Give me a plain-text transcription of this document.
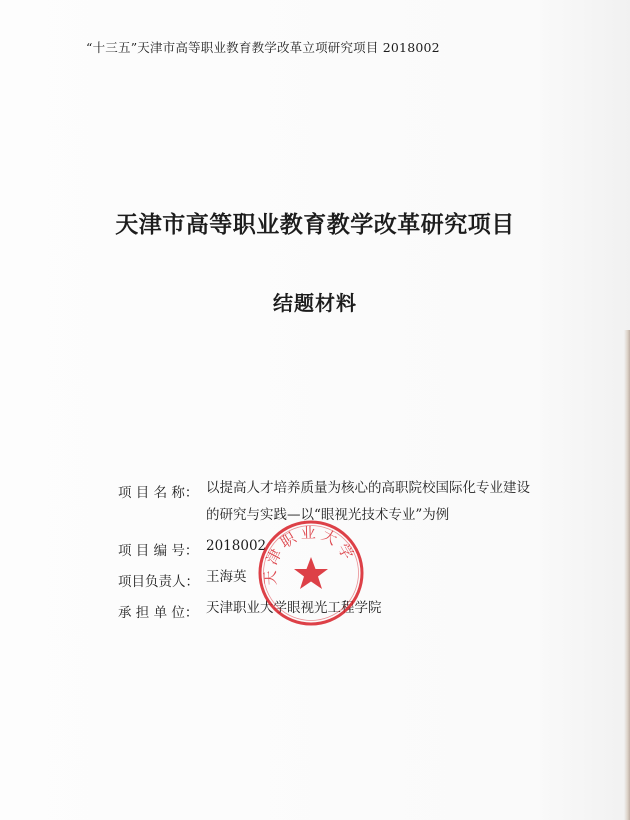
“十三五”天津市高等职业教育教学改革立项研究项目 2018002
天津市高等职业教育教学改革研究项目
结题材料
项 目 名 称： 以提高人才培养质量为核心的高职院校国际化专业建设的研究与实践—以“眼视光技术专业”为例
项 目 编 号： 2018002
项目负责人： 王海英
承 担 单 位： 天津职业大学眼视光工程学院
天津职业大学
